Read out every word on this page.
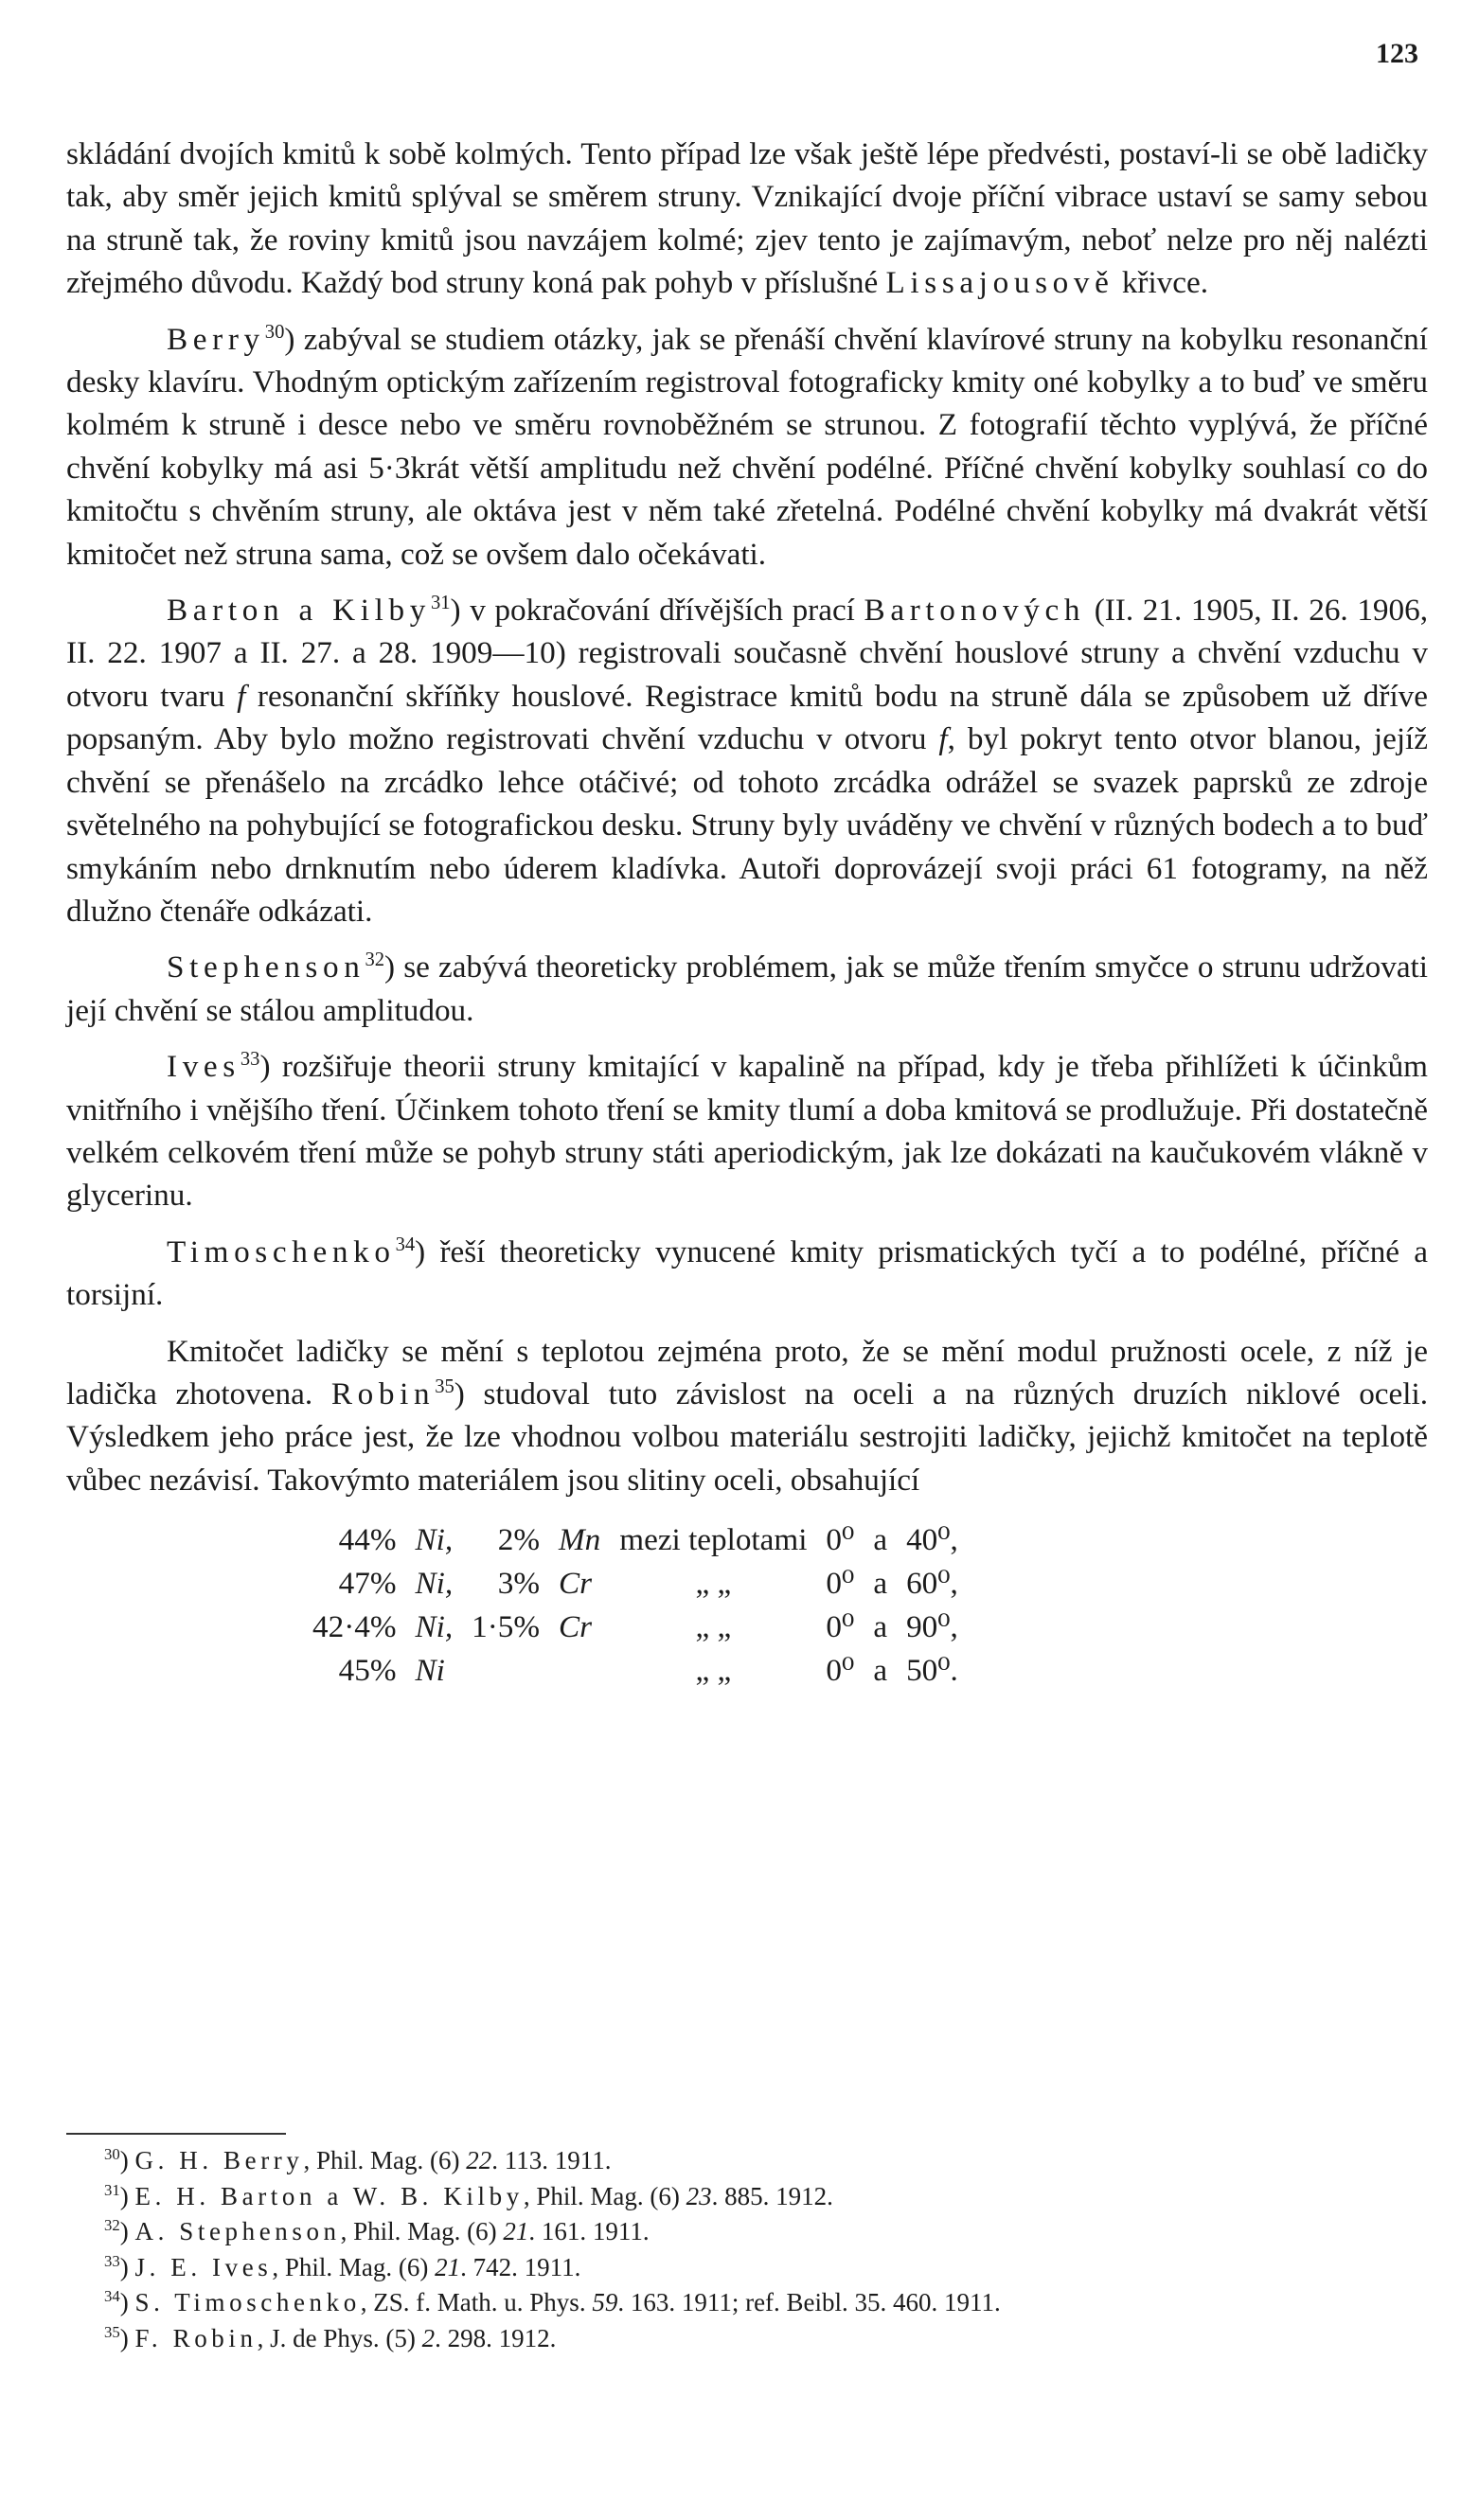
123

skládání dvojích kmitů k sobě kolmých. Tento případ lze však ještě lépe předvésti, postaví-li se obě ladičky tak, aby směr jejich kmitů splýval se směrem struny. Vznikající dvoje příční vibrace ustaví se samy sebou na struně tak, že roviny kmitů jsou navzájem kolmé; zjev tento je zajímavým, neboť nelze pro něj nalézti zřejmého důvodu. Každý bod struny koná pak pohyb v příslušné Lissajousově křivce.

Berry$^{30}$) zabýval se studiem otázky, jak se přenáší chvění klavírové struny na kobylku resonanční desky klavíru. Vhodným optickým zařízením registroval fotograficky kmity oné kobylky a to buď ve směru kolmém k struně i desce nebo ve směru rovnoběžném se strunou. Z fotografií těchto vyplývá, že příčné chvění kobylky má asi 5·3krát větší amplitudu než chvění podélné. Příčné chvění kobylky souhlasí co do kmitočtu s chvěním struny, ale oktáva jest v něm také zřetelná. Podélné chvění kobylky má dvakrát větší kmitočet než struna sama, což se ovšem dalo očekávati.

Barton a Kilby$^{31}$) v pokračování dřívějších prací Bartonových (II. 21. 1905, II. 26. 1906, II. 22. 1907 a II. 27. a 28. 1909—10) registrovali současně chvění houslové struny a chvění vzduchu v otvoru tvaru f resonanční skříňky houslové. Registrace kmitů bodu na struně dála se způsobem už dříve popsaným. Aby bylo možno registrovati chvění vzduchu v otvoru f, byl pokryt tento otvor blanou, jejíž chvění se přenášelo na zrcádko lehce otáčivé; od tohoto zrcádka odrážel se svazek paprsků ze zdroje světelného na pohybující se fotografickou desku. Struny byly uváděny ve chvění v různých bodech a to buď smykáním nebo drnknutím nebo úderem kladívka. Autoři doprovázejí svoji práci 61 fotogramy, na něž dlužno čtenáře odkázati.

Stephenson$^{32}$) se zabývá theoreticky problémem, jak se může třením smyčce o strunu udržovati její chvění se stálou amplitudou.

Ives$^{33}$) rozšiřuje theorii struny kmitající v kapalině na případ, kdy je třeba přihlížeti k účinkům vnitřního i vnějšího tření. Účinkem tohoto tření se kmity tlumí a doba kmitová se prodlužuje. Při dostatečně velkém celkovém tření může se pohyb struny státi aperiodickým, jak lze dokázati na kaučukovém vlákně v glycerinu.

Timoschenko$^{34}$) řeší theoreticky vynucené kmity prismatických tyčí a to podélné, příčné a torsijní.

Kmitočet ladičky se mění s teplotou zejména proto, že se mění modul pružnosti ocele, z níž je ladička zhotovena. Robin$^{35}$) studoval tuto závislost na oceli a na různých druzích niklové oceli. Výsledkem jeho práce jest, že lze vhodnou volbou materiálu sestrojiti ladičky, jejichž kmitočet na teplotě vůbec nezávisí. Takovýmto materiálem jsou slitiny oceli, obsahující

44%	Ni,	2%	Mn	mezi teplotami	0⁰	a	40⁰,
47%	Ni,	3%	Cr	„ „	0⁰	a	60⁰,
42·4%	Ni,	1·5%	Cr	„ „	0⁰	a	90⁰,
45%	Ni			„ „	0⁰	a	50⁰.

$^{30}$) G. H. Berry, Phil. Mag. (6) 22. 113. 1911.

$^{31}$) E. H. Barton a W. B. Kilby, Phil. Mag. (6) 23. 885. 1912.

$^{32}$) A. Stephenson, Phil. Mag. (6) 21. 161. 1911.

$^{33}$) J. E. Ives, Phil. Mag. (6) 21. 742. 1911.

$^{34}$) S. Timoschenko, ZS. f. Math. u. Phys. 59. 163. 1911; ref. Beibl. 35. 460. 1911.

$^{35}$) F. Robin, J. de Phys. (5) 2. 298. 1912.
